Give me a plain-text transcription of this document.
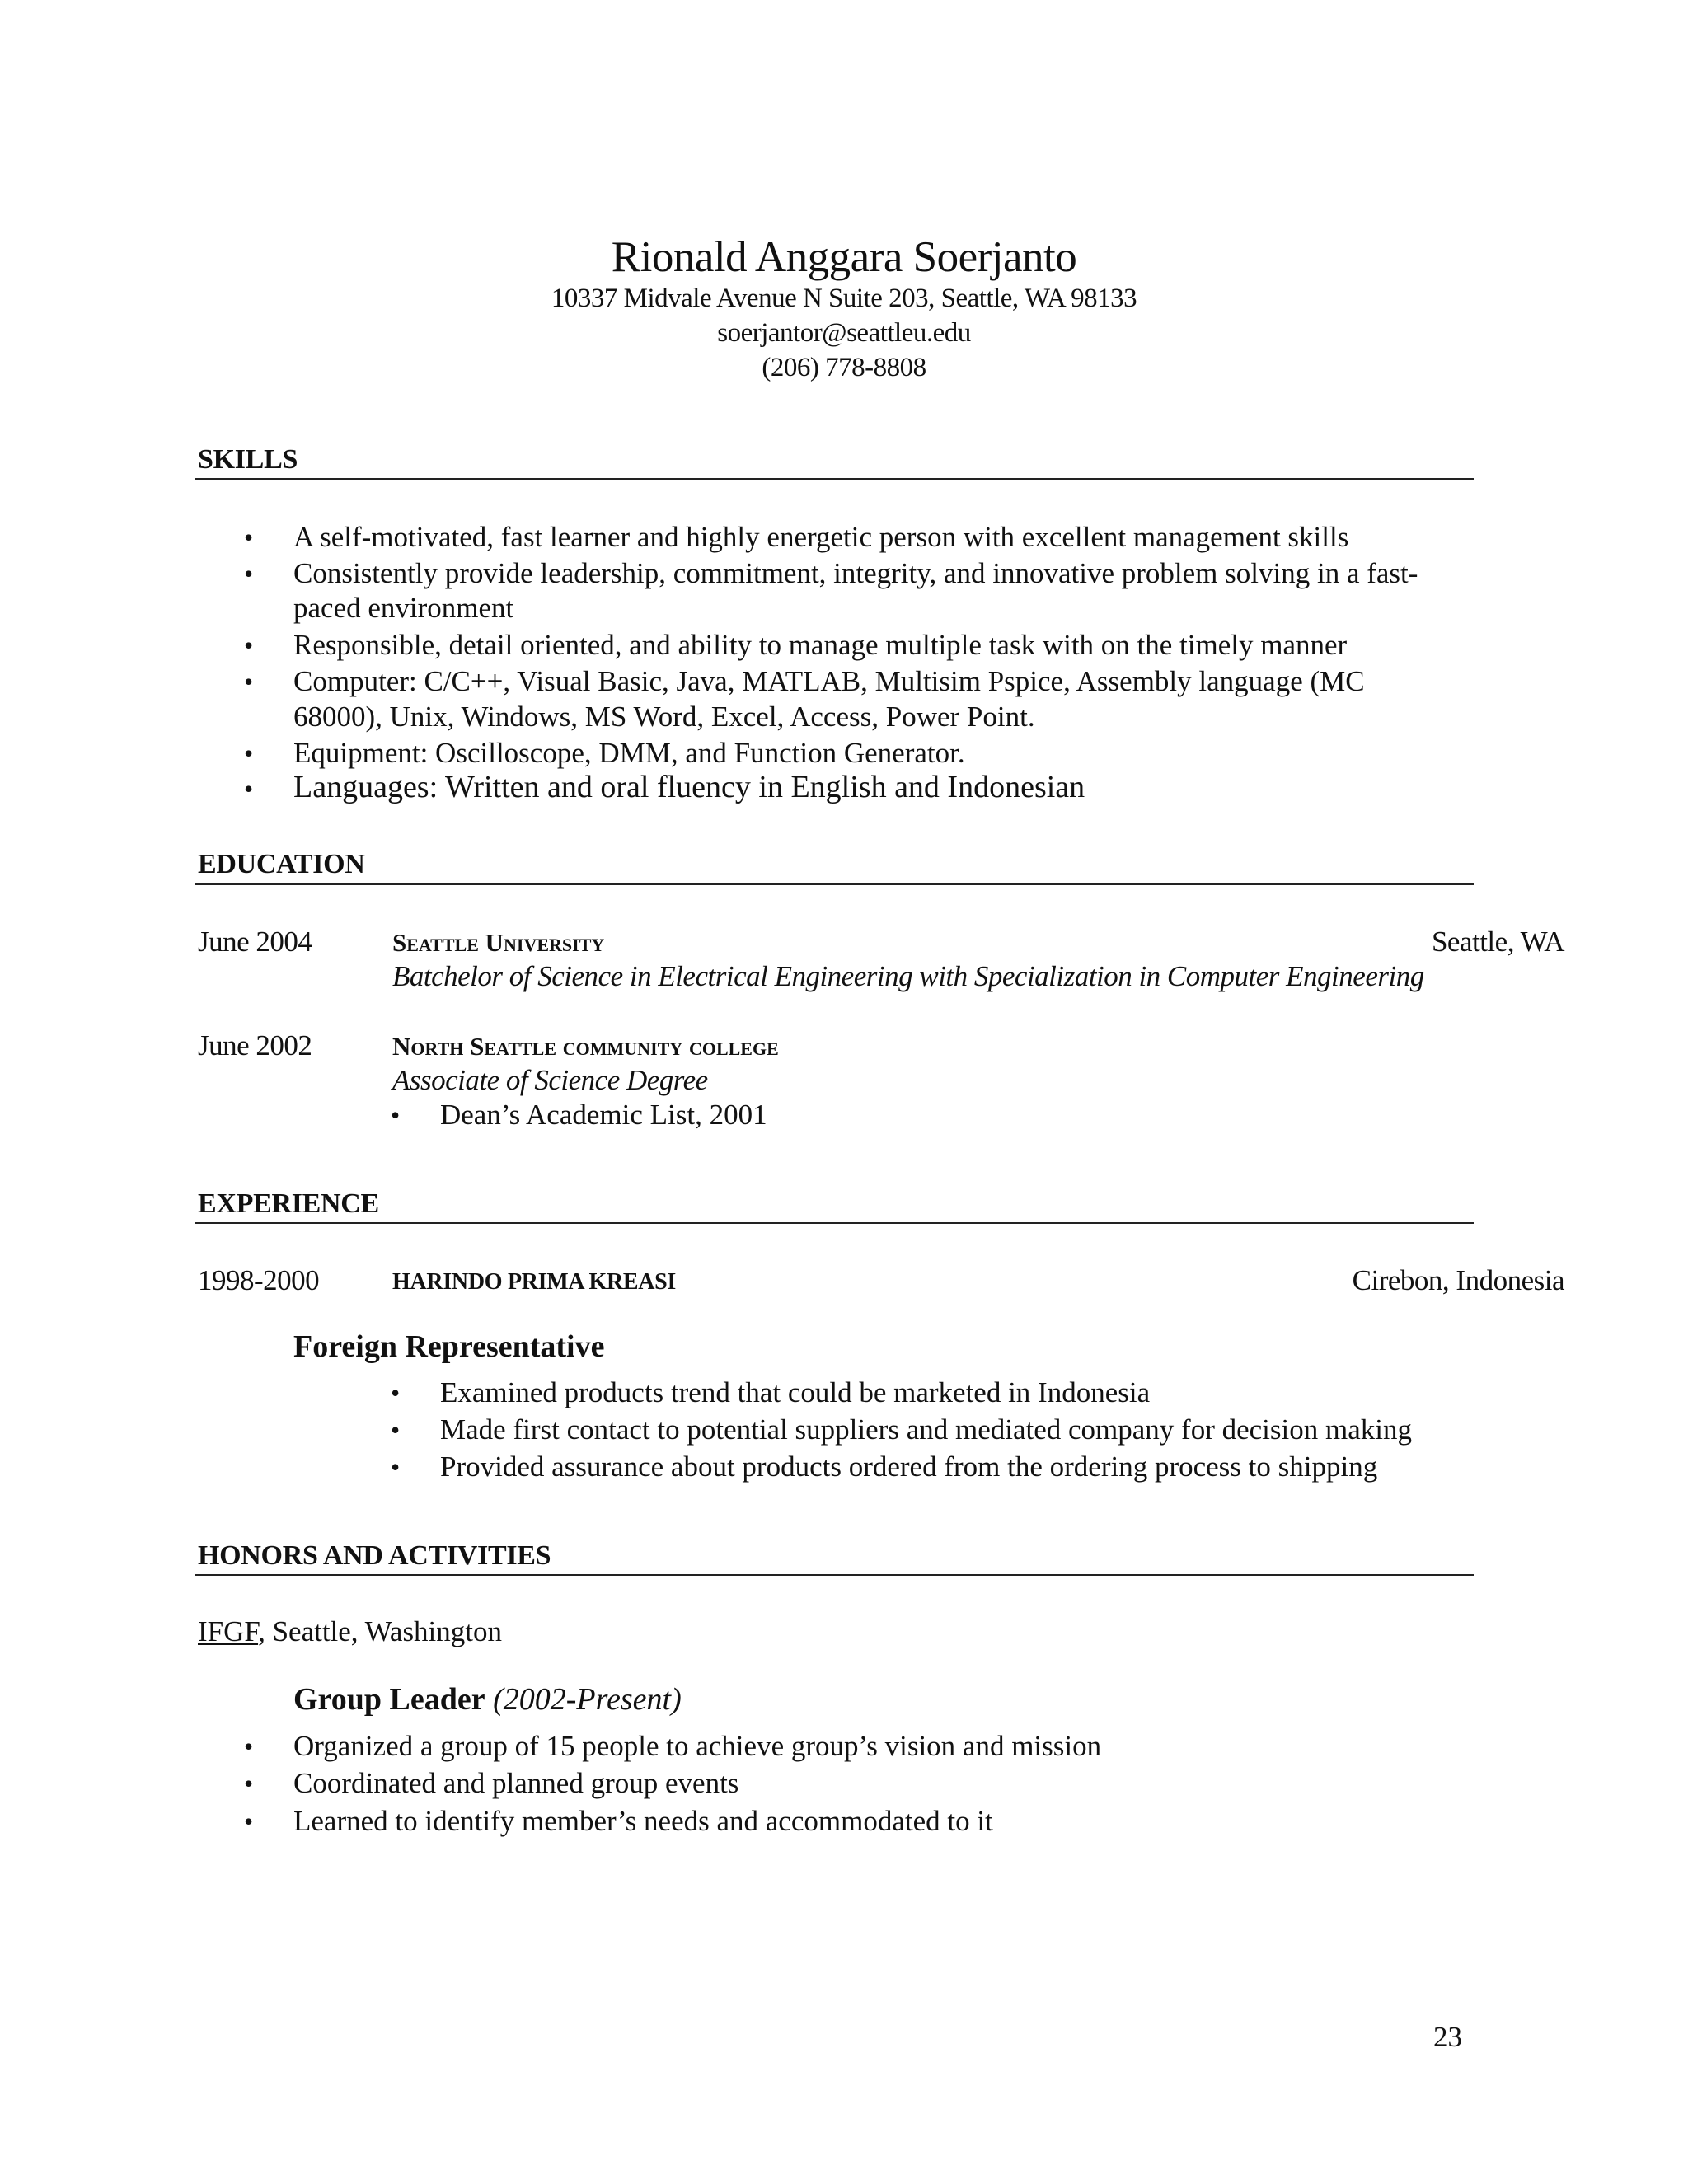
Rionald Anggara Soerjanto
10337 Midvale Avenue N Suite 203, Seattle, WA 98133
soerjantor@seattleu.edu
(206) 778-8808
SKILLS
• A self-motivated, fast learner and highly energetic person with excellent management skills
• Consistently provide leadership, commitment, integrity, and innovative problem solving in a fast-
paced environment
• Responsible, detail oriented, and ability to manage multiple task with on the timely manner
• Computer: C/C++, Visual Basic, Java, MATLAB, Multisim Pspice, Assembly language (MC
68000), Unix, Windows, MS Word, Excel, Access, Power Point.
• Equipment: Oscilloscope, DMM, and Function Generator.
• Languages: Written and oral fluency in English and Indonesian
EDUCATION
June 2004	Seattle University	Seattle, WA
Batchelor of Science in Electrical Engineering with Specialization in Computer Engineering
June 2002	North Seattle community college
Associate of Science Degree
• Dean’s Academic List, 2001
EXPERIENCE
1998-2000	HARINDO PRIMA KREASI	Cirebon, Indonesia
Foreign Representative
• Examined products trend that could be marketed in Indonesia
• Made first contact to potential suppliers and mediated company for decision making
• Provided assurance about products ordered from the ordering process to shipping
HONORS AND ACTIVITIES
IFGF, Seattle, Washington
Group Leader (2002-Present)
• Organized a group of 15 people to achieve group’s vision and mission
• Coordinated and planned group events
• Learned to identify member’s needs and accommodated to it
23
